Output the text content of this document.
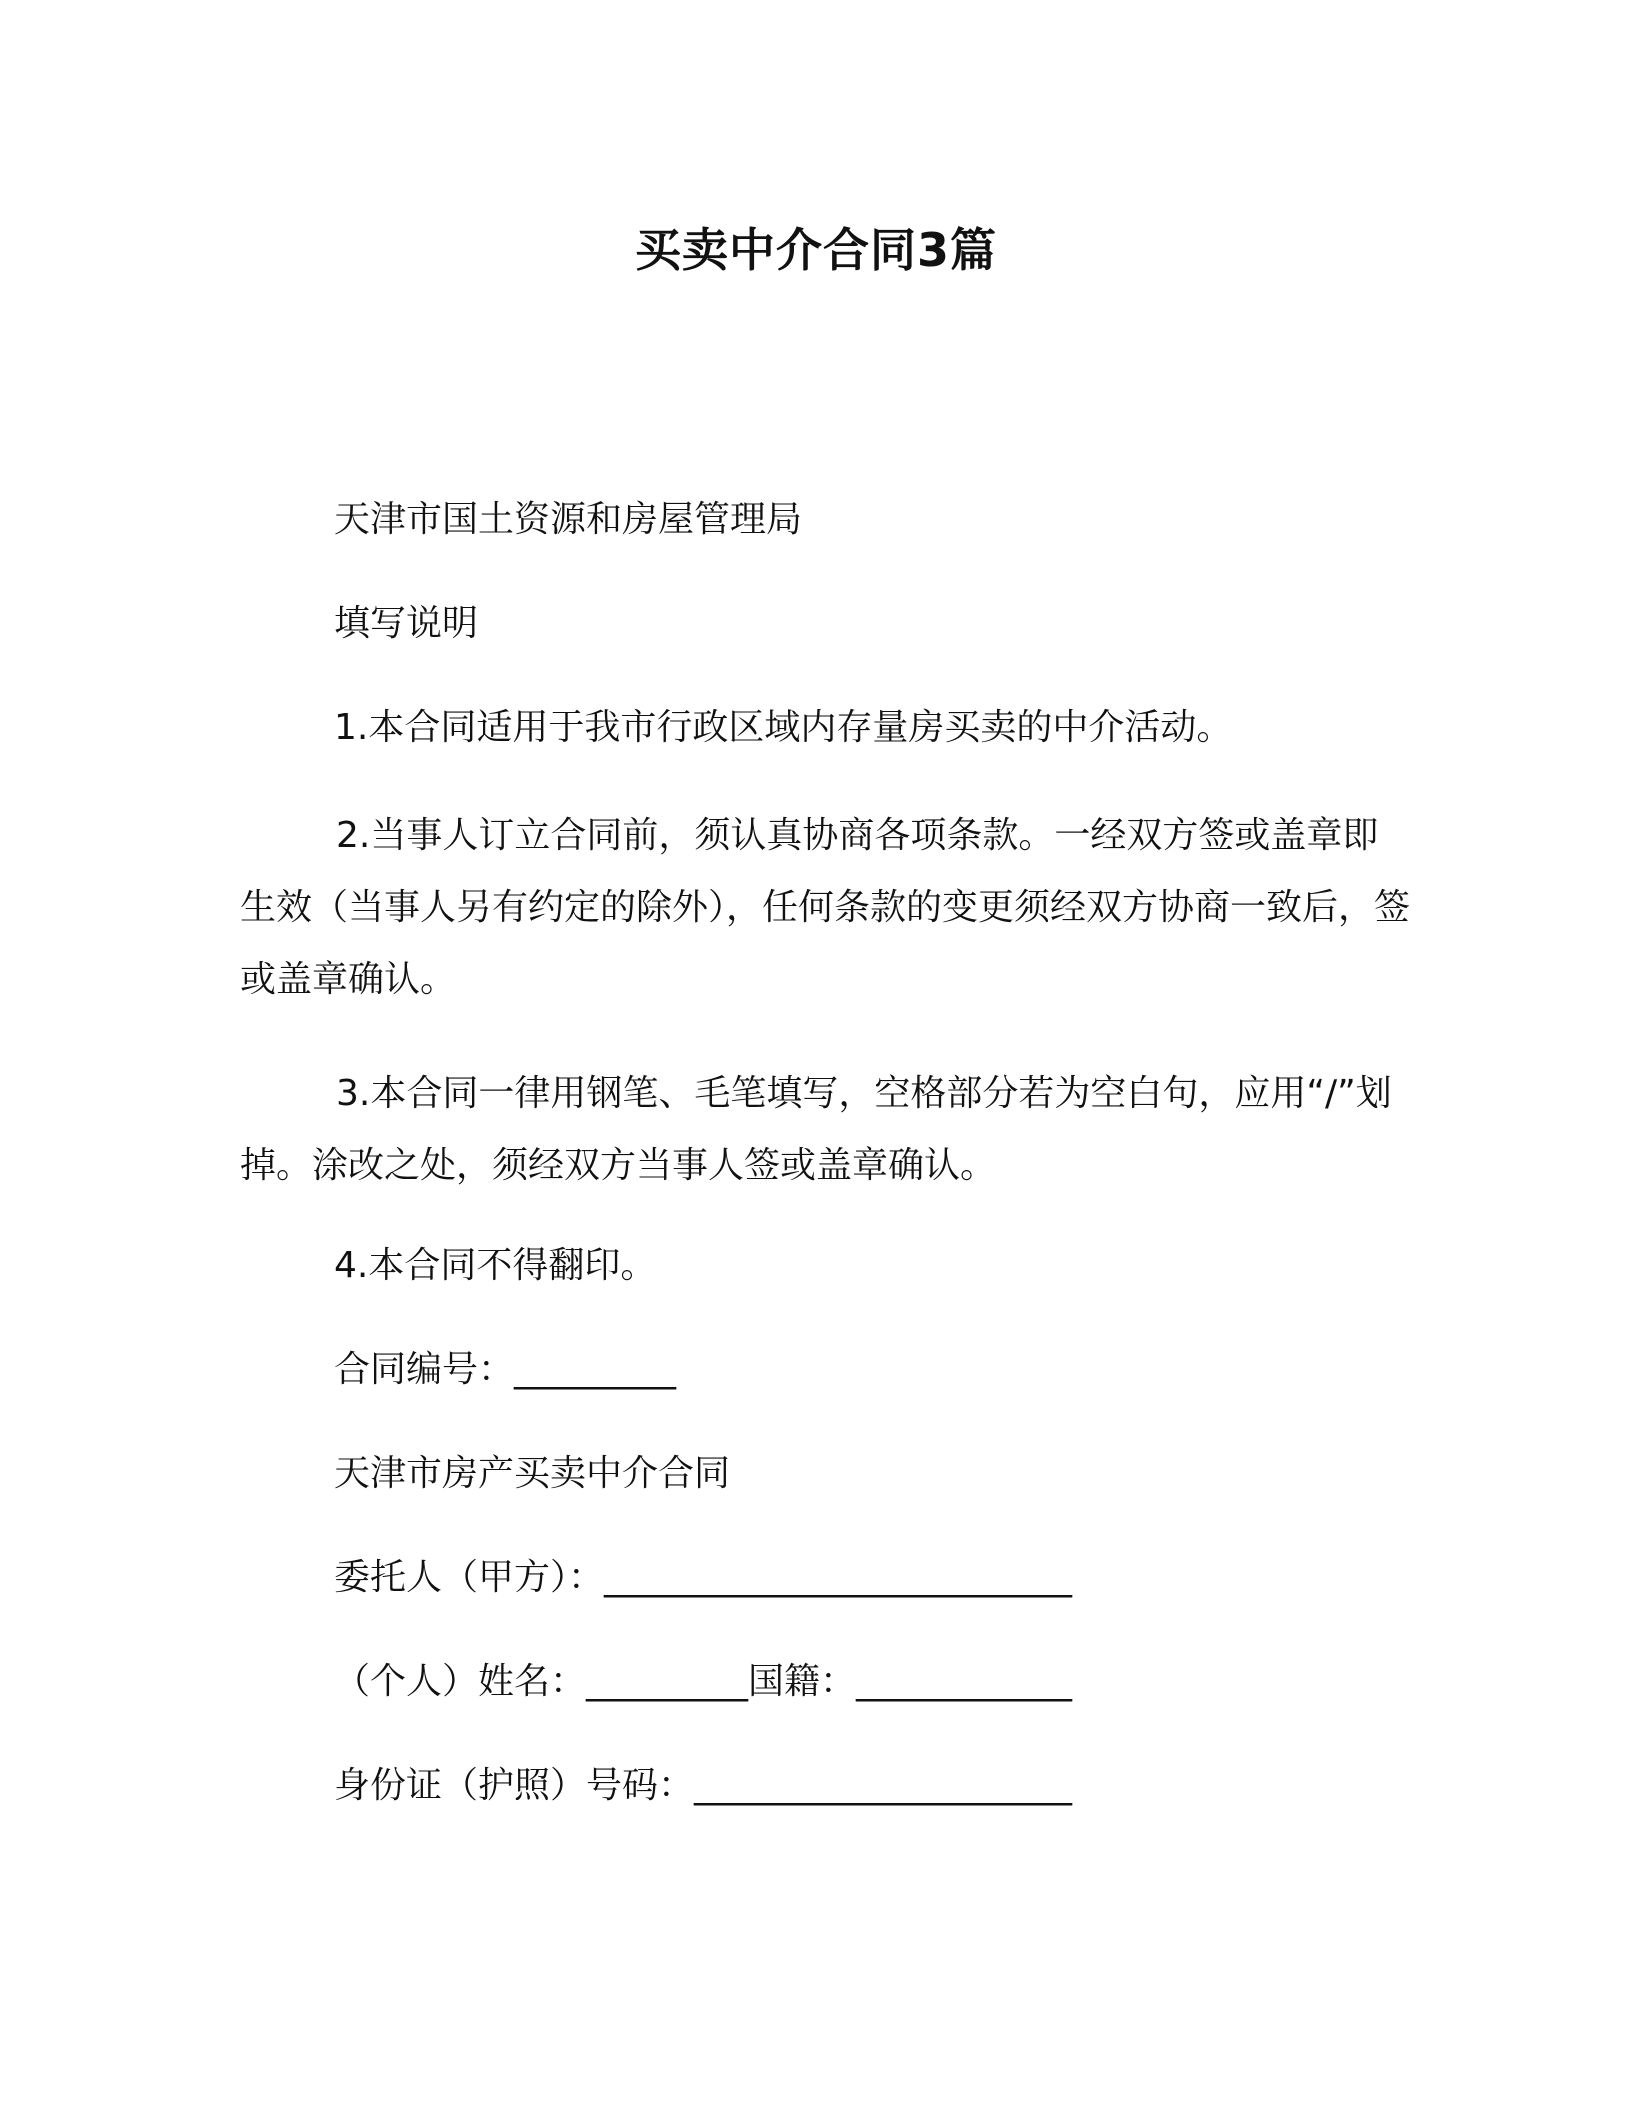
买卖中介合同3篇
天津市国土资源和房屋管理局
填写说明
1.本合同适用于我市行政区域内存量房买卖的中介活动。
2.当事人订立合同前，须认真协商各项条款。一经双方签或盖章即生效（当事人另有约定的除外），任何条款的变更须经双方协商一致后，签或盖章确认。
3.本合同一律用钢笔、毛笔填写，空格部分若为空白句，应用“/”划掉。涂改之处，须经双方当事人签或盖章确认。
4.本合同不得翻印。
合同编号：_________
天津市房产买卖中介合同
委托人（甲方）：__________________________
（个人）姓名：_________国籍：____________
身份证（护照）号码：_____________________
